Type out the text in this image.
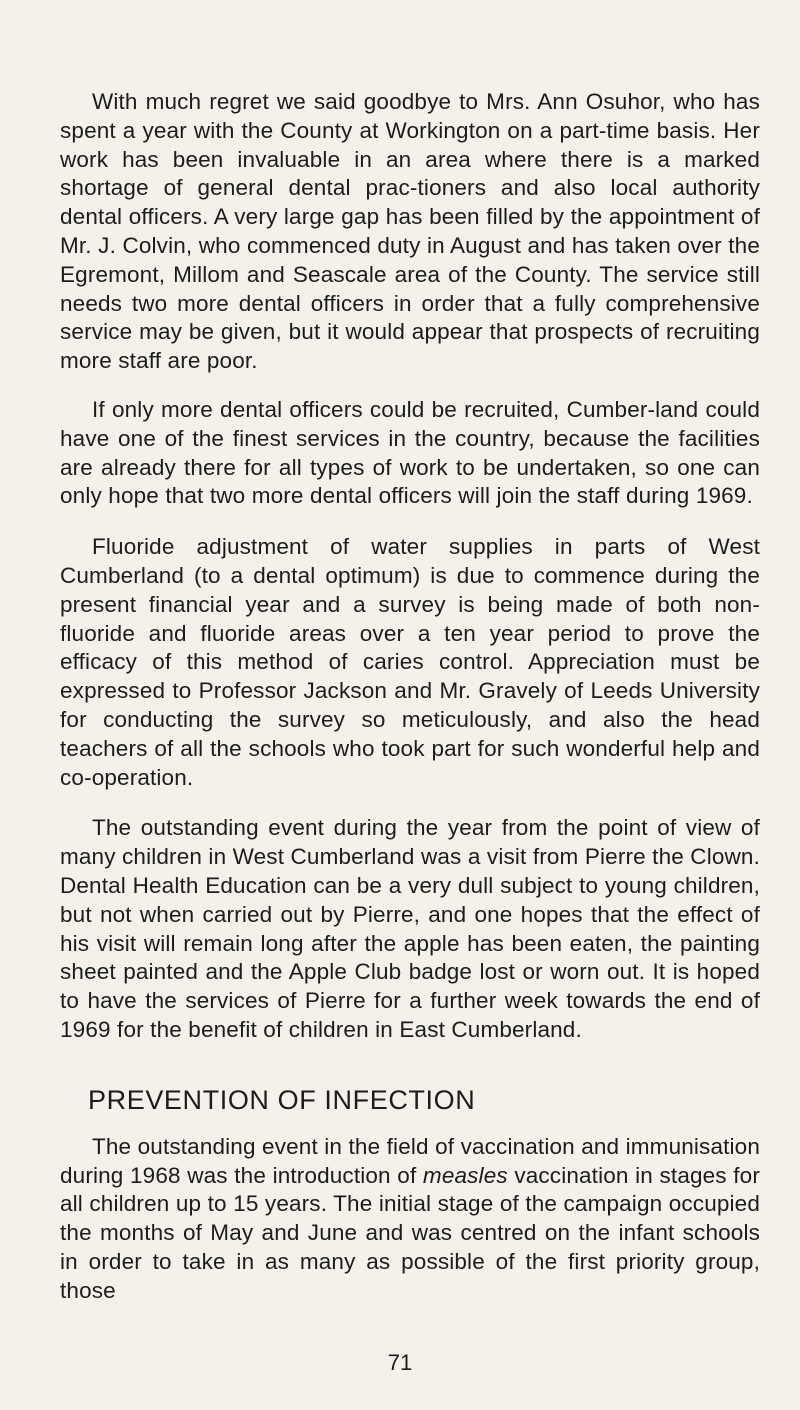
With much regret we said goodbye to Mrs. Ann Osuhor, who has spent a year with the County at Workington on a part-time basis. Her work has been invaluable in an area where there is a marked shortage of general dental prac-tioners and also local authority dental officers. A very large gap has been filled by the appointment of Mr. J. Colvin, who commenced duty in August and has taken over the Egremont, Millom and Seascale area of the County. The service still needs two more dental officers in order that a fully comprehensive service may be given, but it would appear that prospects of recruiting more staff are poor.

If only more dental officers could be recruited, Cumber-land could have one of the finest services in the country, because the facilities are already there for all types of work to be undertaken, so one can only hope that two more dental officers will join the staff during 1969.

Fluoride adjustment of water supplies in parts of West Cumberland (to a dental optimum) is due to commence during the present financial year and a survey is being made of both non-fluoride and fluoride areas over a ten year period to prove the efficacy of this method of caries control. Appreciation must be expressed to Professor Jackson and Mr. Gravely of Leeds University for conducting the survey so meticulously, and also the head teachers of all the schools who took part for such wonderful help and co-operation.

The outstanding event during the year from the point of view of many children in West Cumberland was a visit from Pierre the Clown. Dental Health Education can be a very dull subject to young children, but not when carried out by Pierre, and one hopes that the effect of his visit will remain long after the apple has been eaten, the painting sheet painted and the Apple Club badge lost or worn out. It is hoped to have the services of Pierre for a further week towards the end of 1969 for the benefit of children in East Cumberland.

PREVENTION OF INFECTION

The outstanding event in the field of vaccination and immunisation during 1968 was the introduction of measles vaccination in stages for all children up to 15 years. The initial stage of the campaign occupied the months of May and June and was centred on the infant schools in order to take in as many as possible of the first priority group, those

71
